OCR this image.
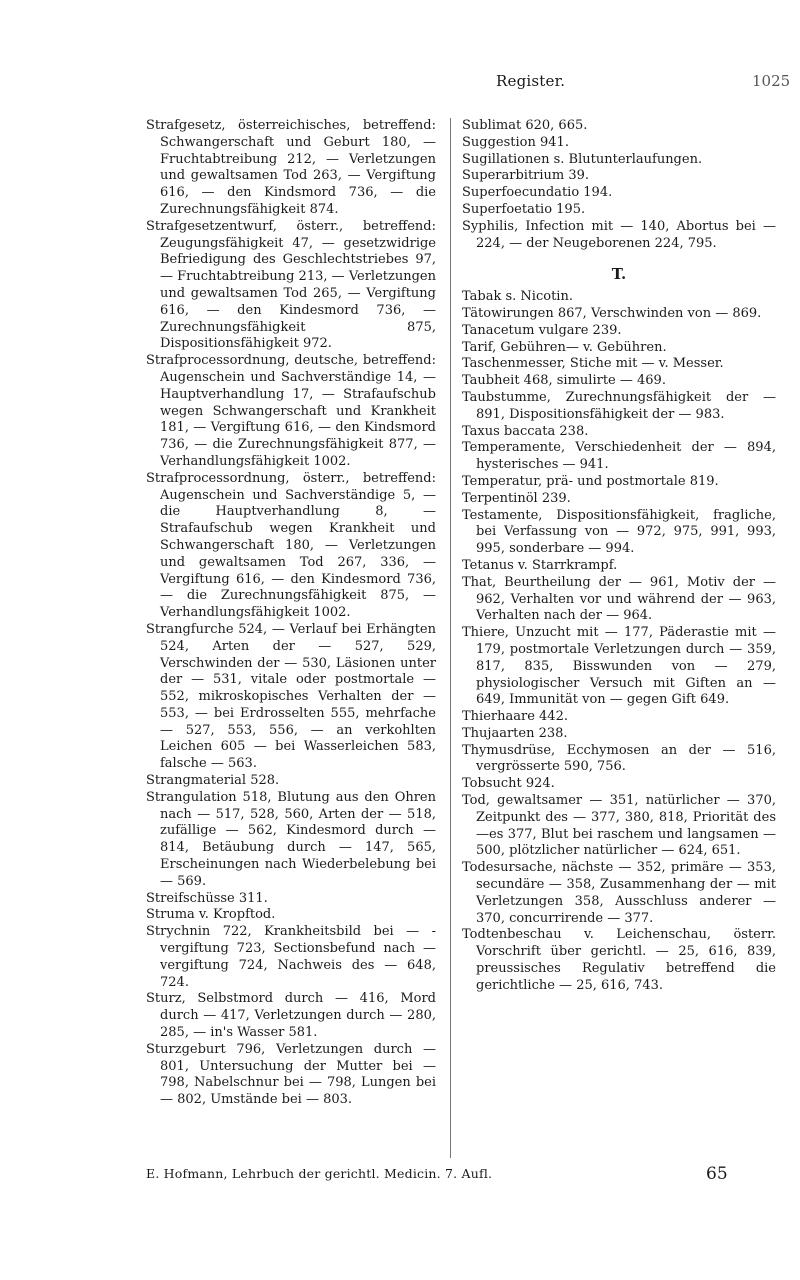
Register.	1025

Strafgesetz, österreichisches, betreffend: Schwangerschaft und Geburt 180, — Fruchtabtreibung 212, — Verletzungen und gewaltsamen Tod 263, — Vergiftung 616, — den Kindsmord 736, — die Zurechnungsfähigkeit 874.

Strafgesetzentwurf, österr., betreffend: Zeugungsfähigkeit 47, — gesetzwidrige Befriedigung des Geschlechtstriebes 97, — Fruchtabtreibung 213, — Verletzungen und gewaltsamen Tod 265, — Vergiftung 616, — den Kindesmord 736, — Zurechnungsfähigkeit 875, Dispositionsfähigkeit 972.

Strafprocessordnung, deutsche, betreffend: Augenschein und Sachverständige 14, — Hauptverhandlung 17, — Strafaufschub wegen Schwangerschaft und Krankheit 181, — Vergiftung 616, — den Kindsmord 736, — die Zurechnungsfähigkeit 877, — Verhandlungsfähigkeit 1002.

Strafprocessordnung, österr., betreffend: Augenschein und Sachverständige 5, — die Hauptverhandlung 8, — Strafaufschub wegen Krankheit und Schwangerschaft 180, — Verletzungen und gewaltsamen Tod 267, 336, — Vergiftung 616, — den Kindesmord 736, — die Zurechnungsfähigkeit 875, — Verhandlungsfähigkeit 1002.

Strangfurche 524, — Verlauf bei Erhängten 524, Arten der — 527, 529, Verschwinden der — 530, Läsionen unter der — 531, vitale oder postmortale — 552, mikroskopisches Verhalten der — 553, — bei Erdrosselten 555, mehrfache — 527, 553, 556, — an verkohlten Leichen 605 — bei Wasserleichen 583, falsche — 563.

Strangmaterial 528.

Strangulation 518, Blutung aus den Ohren nach — 517, 528, 560, Arten der — 518, zufällige — 562, Kindesmord durch — 814, Betäubung durch — 147, 565, Erscheinungen nach Wiederbelebung bei — 569.

Streifschüsse 311.

Struma v. Kropftod.

Strychnin 722, Krankheitsbild bei — -vergiftung 723, Sectionsbefund nach —vergiftung 724, Nachweis des — 648, 724.

Sturz, Selbstmord durch — 416, Mord durch — 417, Verletzungen durch — 280, 285, — in's Wasser 581.

Sturzgeburt 796, Verletzungen durch — 801, Untersuchung der Mutter bei — 798, Nabelschnur bei — 798, Lungen bei — 802, Umstände bei — 803.

Sublimat 620, 665.

Suggestion 941.

Sugillationen s. Blutunterlaufungen.

Superarbitrium 39.

Superfoecundatio 194.

Superfoetatio 195.

Syphilis, Infection mit — 140, Abortus bei — 224, — der Neugeborenen 224, 795.

T.

Tabak s. Nicotin.

Tätowirungen 867, Verschwinden von — 869.

Tanacetum vulgare 239.

Tarif, Gebühren— v. Gebühren.

Taschenmesser, Stiche mit — v. Messer.

Taubheit 468, simulirte — 469.

Taubstumme, Zurechnungsfähigkeit der — 891, Dispositionsfähigkeit der — 983.

Taxus baccata 238.

Temperamente, Verschiedenheit der — 894, hysterisches — 941.

Temperatur, prä- und postmortale 819.

Terpentinöl 239.

Testamente, Dispositionsfähigkeit, fragliche, bei Verfassung von — 972, 975, 991, 993, 995, sonderbare — 994.

Tetanus v. Starrkrampf.

That, Beurtheilung der — 961, Motiv der — 962, Verhalten vor und während der — 963, Verhalten nach der — 964.

Thiere, Unzucht mit — 177, Päderastie mit — 179, postmortale Verletzungen durch — 359, 817, 835, Bisswunden von — 279, physiologischer Versuch mit Giften an — 649, Immunität von — gegen Gift 649.

Thierhaare 442.

Thujaarten 238.

Thymusdrüse, Ecchymosen an der — 516, vergrösserte 590, 756.

Tobsucht 924.

Tod, gewaltsamer — 351, natürlicher — 370, Zeitpunkt des — 377, 380, 818, Priorität des —es 377, Blut bei raschem und langsamen — 500, plötzlicher natürlicher — 624, 651.

Todesursache, nächste — 352, primäre — 353, secundäre — 358, Zusammenhang der — mit Verletzungen 358, Ausschluss anderer — 370, concurrirende — 377.

Todtenbeschau v. Leichenschau, österr. Vorschrift über gerichtl. — 25, 616, 839, preussisches Regulativ betreffend die gerichtliche — 25, 616, 743.

E. Hofmann, Lehrbuch der gerichtl. Medicin. 7. Aufl.	65
